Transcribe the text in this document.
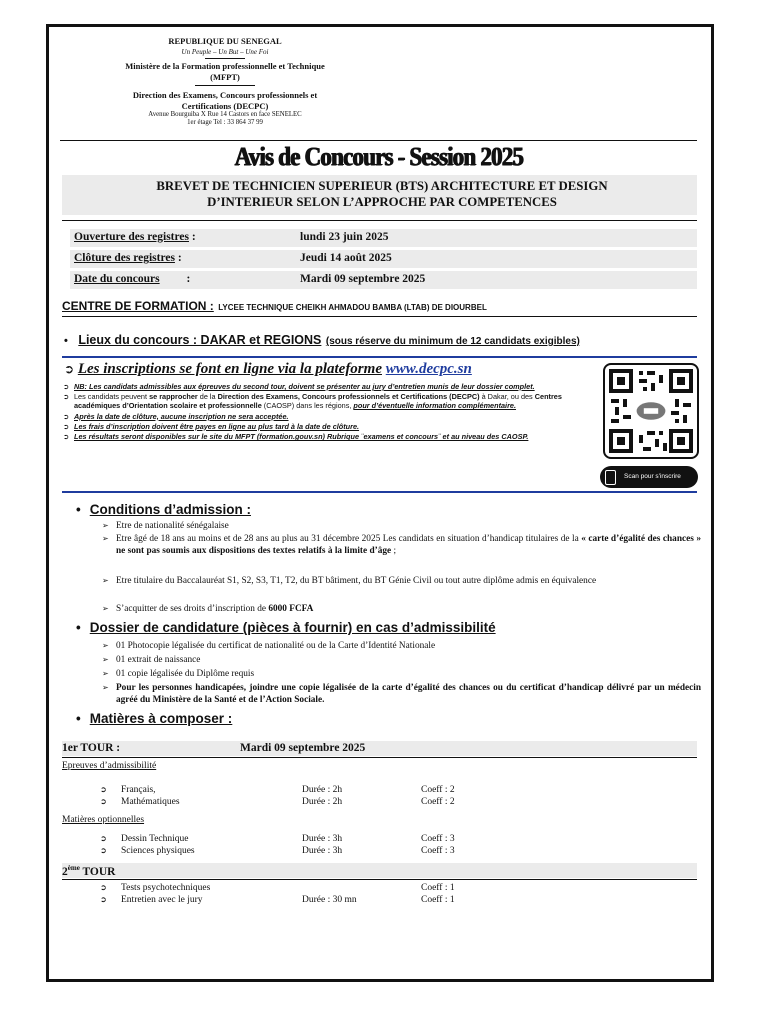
REPUBLIQUE DU SENEGAL
Un Peuple – Un But – Une Foi
Ministère de la Formation professionnelle et Technique (MFPT)
Direction des Examens, Concours professionnels et Certifications (DECPC)
Avenue Bourguiba X Rue 14 Castors en face SENELEC
1er étage Tel : 33 864 37 99
Avis de Concours - Session 2025
BREVET DE TECHNICIEN SUPERIEUR (BTS) ARCHITECTURE ET DESIGN
D’INTERIEUR SELON L’APPROCHE PAR COMPETENCES
Ouverture des registres :	lundi 23 juin 2025
Clôture des registres :	Jeudi 14 août 2025
Date du concours :	Mardi 09 septembre 2025
CENTRE DE FORMATION : LYCEE TECHNIQUE CHEIKH AHMADOU BAMBA (LTAB) DE DIOURBEL
• Lieux du concours : DAKAR et REGIONS (sous réserve du minimum de 12 candidats exigibles)
➲ Les inscriptions se font en ligne via la plateforme www.decpc.sn
➲ NB: Les candidats admissibles aux épreuves du second tour, doivent se présenter au jury d’entretien munis de leur dossier complet.
➲ Les candidats peuvent se rapprocher de la Direction des Examens, Concours professionnels et Certifications (DECPC) à Dakar, ou des Centres académiques d’Orientation scolaire et professionnelle (CAOSP) dans les régions, pour d’éventuelle information complémentaire.
➲ Après la date de clôture, aucune inscription ne sera acceptée.
➲ Les frais d’inscription doivent être payes en ligne au plus tard à la date de clôture.
➲ Les résultats seront disponibles sur le site du MFPT (formation.gouv.sn) Rubrique ¨examens et concours¨ et au niveau des CAOSP.
Scan pour s'inscrire
• Conditions d’admission :
➢ Etre de nationalité sénégalaise
➢ Etre âgé de 18 ans au moins et de 28 ans au plus au 31 décembre 2025 Les candidats en situation d’handicap titulaires de la « carte d’égalité des chances » ne sont pas soumis aux dispositions des textes relatifs à la limite d’âge ;
➢ Etre titulaire du Baccalauréat S1, S2, S3, T1, T2, du BT bâtiment, du BT Génie Civil ou tout autre diplôme admis en équivalence
➢ S’acquitter de ses droits d’inscription de 6000 FCFA
• Dossier de candidature (pièces à fournir) en cas d’admissibilité
➢ 01 Photocopie légalisée du certificat de nationalité ou de la Carte d’Identité Nationale
➢ 01 extrait de naissance
➢ 01 copie légalisée du Diplôme requis
➢ Pour les personnes handicapées, joindre une copie légalisée de la carte d’égalité des chances ou du certificat d’handicap délivré par un médecin agréé du Ministère de la Santé et de l’Action Sociale.
• Matières à composer :
1er TOUR :	Mardi 09 septembre 2025
Epreuves d’admissibilité
➲ Français,	Durée : 2h	Coeff : 2
➲ Mathématiques	Durée : 2h	Coeff : 2
Matières optionnelles
➲ Dessin Technique	Durée : 3h	Coeff : 3
➲ Sciences physiques	Durée : 3h	Coeff : 3
2ème TOUR
➲ Tests psychotechniques	Coeff : 1
➲ Entretien avec le jury	Durée : 30 mn	Coeff : 1
